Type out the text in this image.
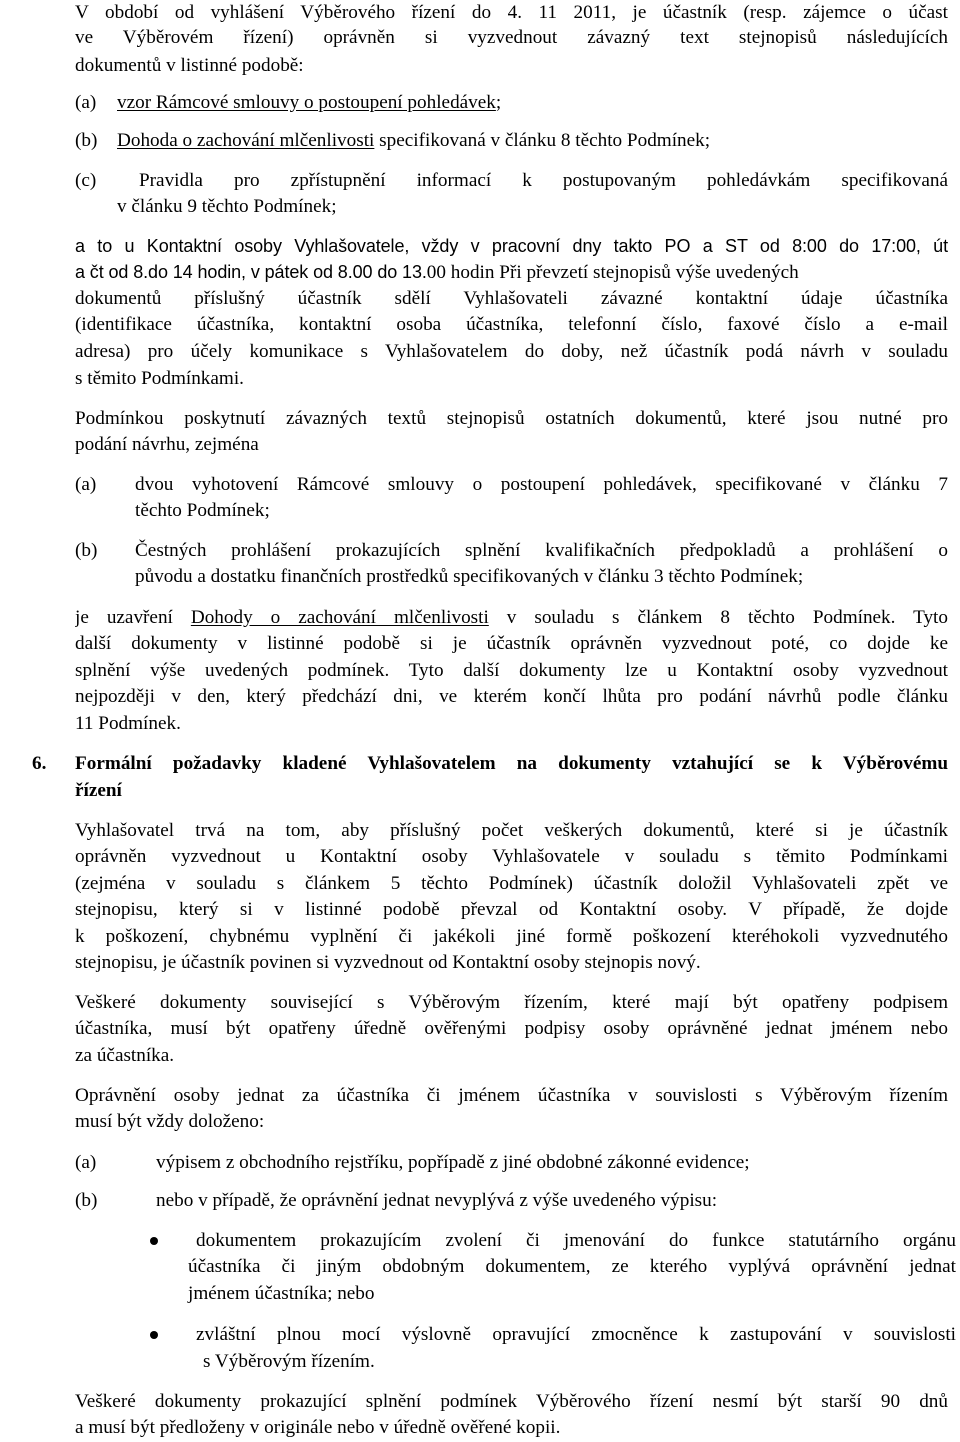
V období od vyhlášení Výběrového řízení do 4. 11 2011, je účastník (resp. zájemce o účast
ve Výběrovém řízení) oprávněn si vyzvednout závazný text stejnopisů následujících
dokumentů v listinné podobě:
(a) vzor Rámcové smlouvy o postoupení pohledávek;
(b) Dohoda o zachování mlčenlivosti specifikovaná v článku 8 těchto Podmínek;
(c) Pravidla pro zpřístupnění informací k postupovaným pohledávkám specifikovaná
v článku 9 těchto Podmínek;
a to u Kontaktní osoby Vyhlašovatele, vždy v pracovní dny takto PO a ST od 8:00 do 17:00, út
a čt od 8.do 14 hodin, v pátek od 8.00 do 13.00 hodin Při převzetí stejnopisů výše uvedených
dokumentů příslušný účastník sdělí Vyhlašovateli závazné kontaktní údaje účastníka
(identifikace účastníka, kontaktní osoba účastníka, telefonní číslo, faxové číslo a e-mail
adresa) pro účely komunikace s Vyhlašovatelem do doby, než účastník podá návrh v souladu
s těmito Podmínkami.
Podmínkou poskytnutí závazných textů stejnopisů ostatních dokumentů, které jsou nutné pro
podání návrhu, zejména
(a) dvou vyhotovení Rámcové smlouvy o postoupení pohledávek, specifikované v článku 7
těchto Podmínek;
(b) Čestných prohlášení prokazujících splnění kvalifikačních předpokladů a prohlášení o
původu a dostatku finančních prostředků specifikovaných v článku 3 těchto Podmínek;
je uzavření Dohody o zachování mlčenlivosti v souladu s článkem 8 těchto Podmínek. Tyto
další dokumenty v listinné podobě si je účastník oprávněn vyzvednout poté, co dojde ke
splnění výše uvedených podmínek. Tyto další dokumenty lze u Kontaktní osoby vyzvednout
nejpozději v den, který předchází dni, ve kterém končí lhůta pro podání návrhů podle článku
11 Podmínek.
6. Formální požadavky kladené Vyhlašovatelem na dokumenty vztahující se k Výběrovému
řízení
Vyhlašovatel trvá na tom, aby příslušný počet veškerých dokumentů, které si je účastník
oprávněn vyzvednout u Kontaktní osoby Vyhlašovatele v souladu s těmito Podmínkami
(zejména v souladu s článkem 5 těchto Podmínek) účastník doložil Vyhlašovateli zpět ve
stejnopisu, který si v listinné podobě převzal od Kontaktní osoby. V případě, že dojde
k poškození, chybnému vyplnění či jakékoli jiné formě poškození kteréhokoli vyzvednutého
stejnopisu, je účastník povinen si vyzvednout od Kontaktní osoby stejnopis nový.
Veškeré dokumenty související s Výběrovým řízením, které mají být opatřeny podpisem
účastníka, musí být opatřeny úředně ověřenými podpisy osoby oprávněné jednat jménem nebo
za účastníka.
Oprávnění osoby jednat za účastníka či jménem účastníka v souvislosti s Výběrovým řízením
musí být vždy doloženo:
(a)	výpisem z obchodního rejstříku, popřípadě z jiné obdobné zákonné evidence;
(b)	nebo v případě, že oprávnění jednat nevyplývá z výše uvedeného výpisu:
dokumentem prokazujícím zvolení či jmenování do funkce statutárního orgánu
účastníka či jiným obdobným dokumentem, ze kterého vyplývá oprávnění jednat
jménem účastníka; nebo
zvláštní plnou mocí výslovně opravující zmocněnce k zastupování v souvislosti
s Výběrovým řízením.
Veškeré dokumenty prokazující splnění podmínek Výběrového řízení nesmí být starší 90 dnů
a musí být předloženy v originále nebo v úředně ověřené kopii.
